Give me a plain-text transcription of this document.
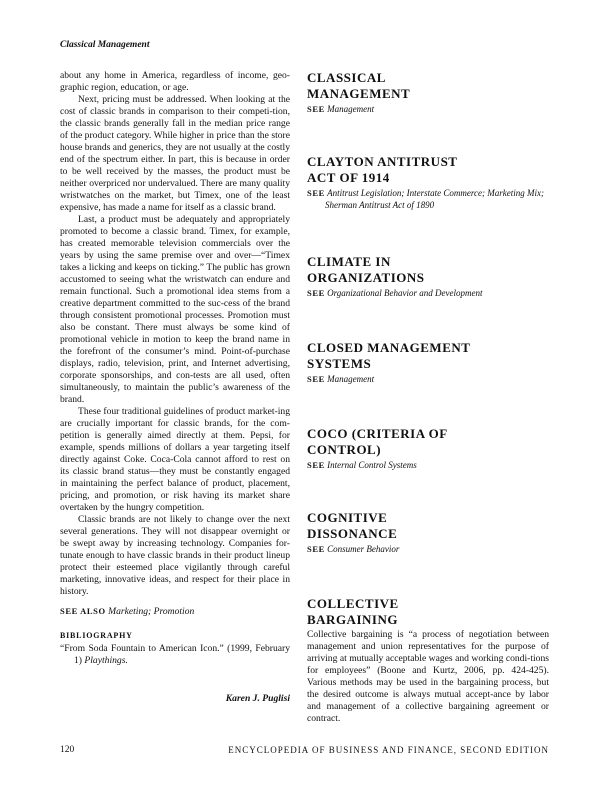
Classical Management

about any home in America, regardless of income, geo-graphic region, education, or age.

Next, pricing must be addressed. When looking at the cost of classic brands in comparison to their competi-tion, the classic brands generally fall in the median price range of the product category. While higher in price than the store house brands and generics, they are not usually at the costly end of the spectrum either. In part, this is because in order to be well received by the masses, the product must be neither overpriced nor undervalued. There are many quality wristwatches on the market, but Timex, one of the least expensive, has made a name for itself as a classic brand.

Last, a product must be adequately and appropriately promoted to become a classic brand. Timex, for example, has created memorable television commercials over the years by using the same premise over and over—“Timex takes a licking and keeps on ticking.” The public has grown accustomed to seeing what the wristwatch can endure and remain functional. Such a promotional idea stems from a creative department committed to the suc-cess of the brand through consistent promotional processes. Promotion must also be constant. There must always be some kind of promotional vehicle in motion to keep the brand name in the forefront of the consumer’s mind. Point-of-purchase displays, radio, television, print, and Internet advertising, corporate sponsorships, and con-tests are all used, often simultaneously, to maintain the public’s awareness of the brand.

These four traditional guidelines of product market-ing are crucially important for classic brands, for the com-petition is generally aimed directly at them. Pepsi, for example, spends millions of dollars a year targeting itself directly against Coke. Coca-Cola cannot afford to rest on its classic brand status—they must be constantly engaged in maintaining the perfect balance of product, placement, pricing, and promotion, or risk having its market share overtaken by the hungry competition.

Classic brands are not likely to change over the next several generations. They will not disappear overnight or be swept away by increasing technology. Companies for-tunate enough to have classic brands in their product lineup protect their esteemed place vigilantly through careful marketing, innovative ideas, and respect for their place in history.

SEE ALSO Marketing; Promotion
BIBLIOGRAPHY
“From Soda Fountain to American Icon.” (1999, February 1) Playthings.
Karen J. Puglisi
CLASSICAL
MANAGEMENT
SEE Management
CLAYTON ANTITRUST
ACT OF 1914
SEE Antitrust Legislation; Interstate Commerce; Marketing Mix; Sherman Antitrust Act of 1890
CLIMATE IN
ORGANIZATIONS
SEE Organizational Behavior and Development
CLOSED MANAGEMENT
SYSTEMS
SEE Management
COCO (CRITERIA OF
CONTROL)
SEE Internal Control Systems
COGNITIVE
DISSONANCE
SEE Consumer Behavior
COLLECTIVE
BARGAINING
Collective bargaining is “a process of negotiation between management and union representatives for the purpose of arriving at mutually acceptable wages and working condi-tions for employees” (Boone and Kurtz, 2006, pp. 424-425). Various methods may be used in the bargaining process, but the desired outcome is always mutual accept-ance by labor and management of a collective bargaining agreement or contract.
120	ENCYCLOPEDIA OF BUSINESS AND FINANCE, SECOND EDITION
